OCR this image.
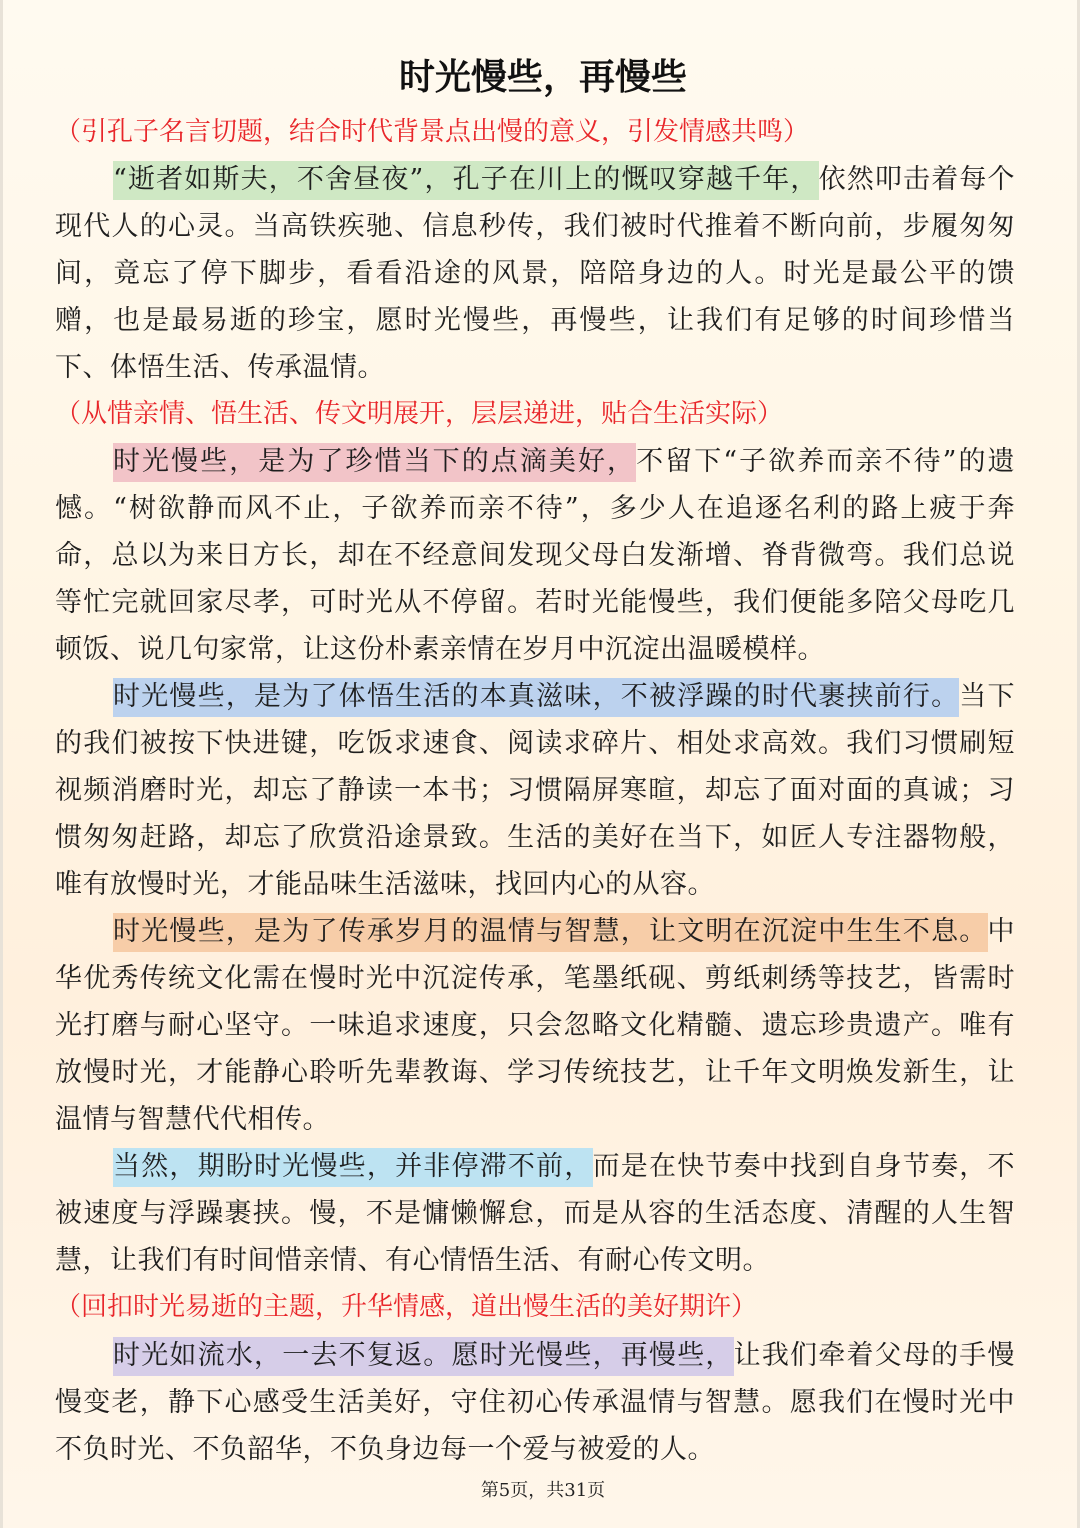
时光慢些，再慢些

（引孔子名言切题，结合时代背景点出慢的意义，引发情感共鸣）

“逝者如斯夫，不舍昼夜”，孔子在川上的慨叹穿越千年，依然叩击着每个现代人的心灵。当高铁疾驰、信息秒传，我们被时代推着不断向前，步履匆匆间，竟忘了停下脚步，看看沿途的风景，陪陪身边的人。时光是最公平的馈赠，也是最易逝的珍宝，愿时光慢些，再慢些，让我们有足够的时间珍惜当下、体悟生活、传承温情。

（从惜亲情、悟生活、传文明展开，层层递进，贴合生活实际）

时光慢些，是为了珍惜当下的点滴美好，不留下“子欲养而亲不待”的遗憾。“树欲静而风不止，子欲养而亲不待”，多少人在追逐名利的路上疲于奔命，总以为来日方长，却在不经意间发现父母白发渐增、脊背微弯。我们总说等忙完就回家尽孝，可时光从不停留。若时光能慢些，我们便能多陪父母吃几顿饭、说几句家常，让这份朴素亲情在岁月中沉淀出温暖模样。

时光慢些，是为了体悟生活的本真滋味，不被浮躁的时代裹挟前行。当下的我们被按下快进键，吃饭求速食、阅读求碎片、相处求高效。我们习惯刷短视频消磨时光，却忘了静读一本书；习惯隔屏寒暄，却忘了面对面的真诚；习惯匆匆赶路，却忘了欣赏沿途景致。生活的美好在当下，如匠人专注器物般，唯有放慢时光，才能品味生活滋味，找回内心的从容。

时光慢些，是为了传承岁月的温情与智慧，让文明在沉淀中生生不息。中华优秀传统文化需在慢时光中沉淀传承，笔墨纸砚、剪纸刺绣等技艺，皆需时光打磨与耐心坚守。一味追求速度，只会忽略文化精髓、遗忘珍贵遗产。唯有放慢时光，才能静心聆听先辈教诲、学习传统技艺，让千年文明焕发新生，让温情与智慧代代相传。

当然，期盼时光慢些，并非停滞不前，而是在快节奏中找到自身节奏，不被速度与浮躁裹挟。慢，不是慵懒懈怠，而是从容的生活态度、清醒的人生智慧，让我们有时间惜亲情、有心情悟生活、有耐心传文明。

（回扣时光易逝的主题，升华情感，道出慢生活的美好期许）

时光如流水，一去不复返。愿时光慢些，再慢些，让我们牵着父母的手慢慢变老，静下心感受生活美好，守住初心传承温情与智慧。愿我们在慢时光中不负时光、不负韶华，不负身边每一个爱与被爱的人。

第5页，共31页
